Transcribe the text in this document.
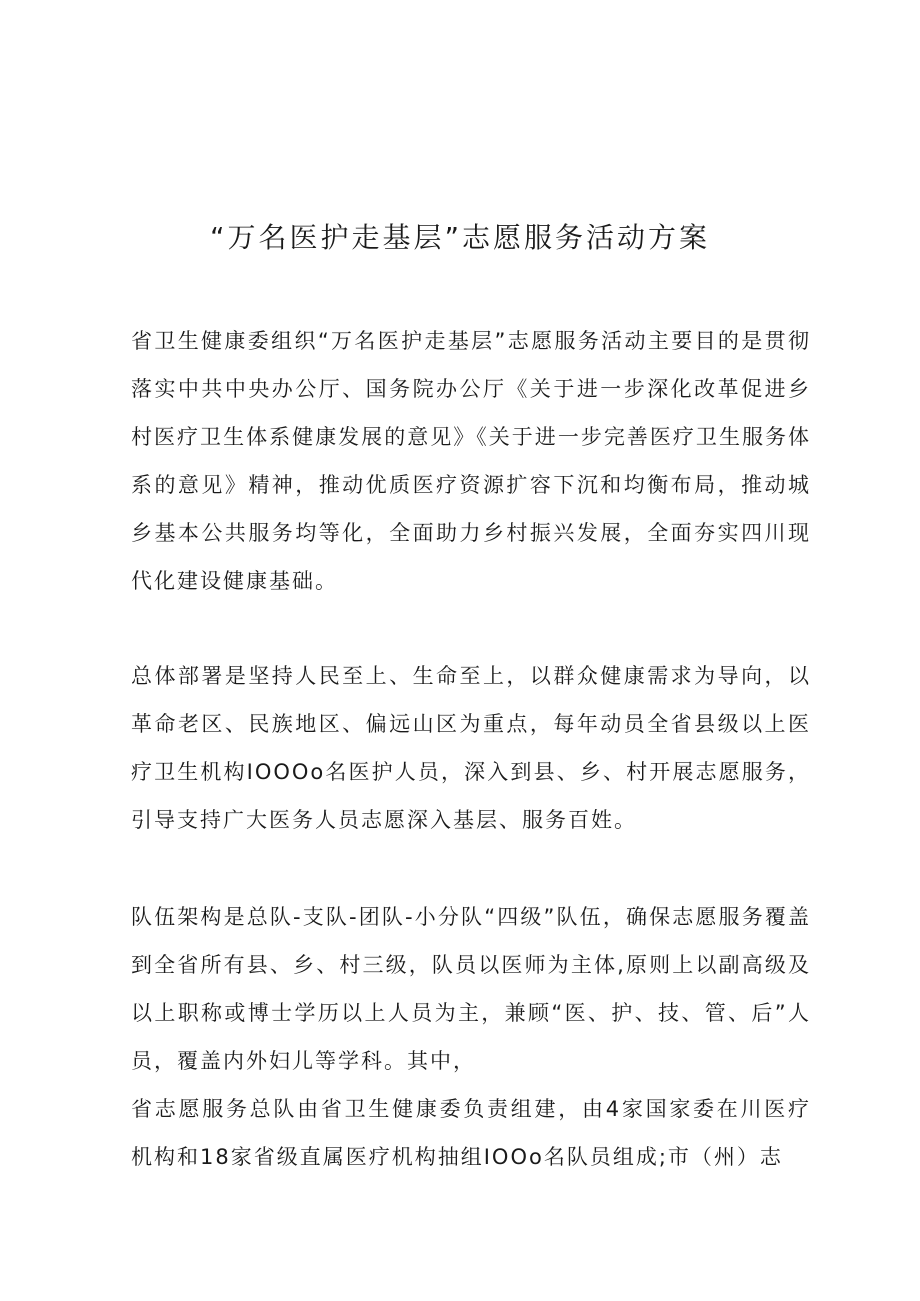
“万名医护走基层”志愿服务活动方案

省卫生健康委组织“万名医护走基层”志愿服务活动主要目的是贯彻落实中共中央办公厅、国务院办公厅《关于进一步深化改革促进乡村医疗卫生体系健康发展的意见》《关于进一步完善医疗卫生服务体系的意见》精神，推动优质医疗资源扩容下沉和均衡布局，推动城乡基本公共服务均等化，全面助力乡村振兴发展，全面夯实四川现代化建设健康基础。

总体部署是坚持人民至上、生命至上，以群众健康需求为导向，以革命老区、民族地区、偏远山区为重点，每年动员全省县级以上医疗卫生机构IOOOo名医护人员，深入到县、乡、村开展志愿服务，引导支持广大医务人员志愿深入基层、服务百姓。

队伍架构是总队-支队-团队-小分队“四级”队伍，确保志愿服务覆盖到全省所有县、乡、村三级，队员以医师为主体,原则上以副高级及以上职称或博士学历以上人员为主，兼顾“医、护、技、管、后”人员，覆盖内外妇儿等学科。其中，

省志愿服务总队由省卫生健康委负责组建，由4家国家委在川医疗机构和18家省级直属医疗机构抽组IOOo名队员组成;市（州）志
